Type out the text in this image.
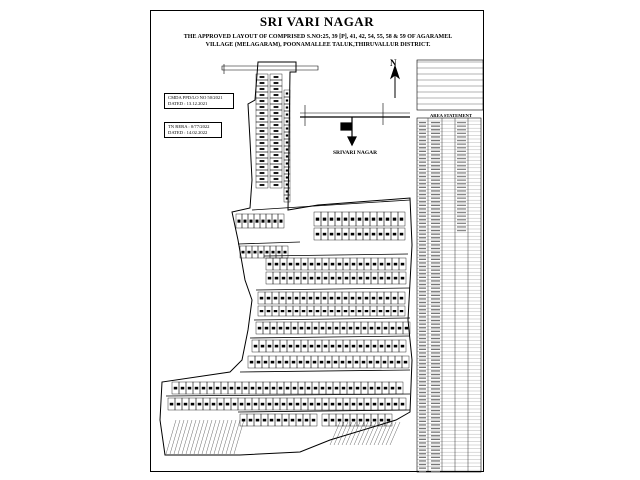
SRI VARI NAGAR
THE APPROVED LAYOUT OF COMPRISED S.NO:25, 39 [P], 41, 42, 54, 55, 58 & 59 OF AGARAMEL
VILLAGE (MELAGARAM), POONAMALLEE TALUK,THIRUVALLUR DISTRICT.
CMDA PPD/LO NO 50/2021
DATED : 13.12.2021
TN RERA : 0/77/2022
DATED : 14.02.2022
N
SRIVARI NAGAR
AREA STATEMENT
